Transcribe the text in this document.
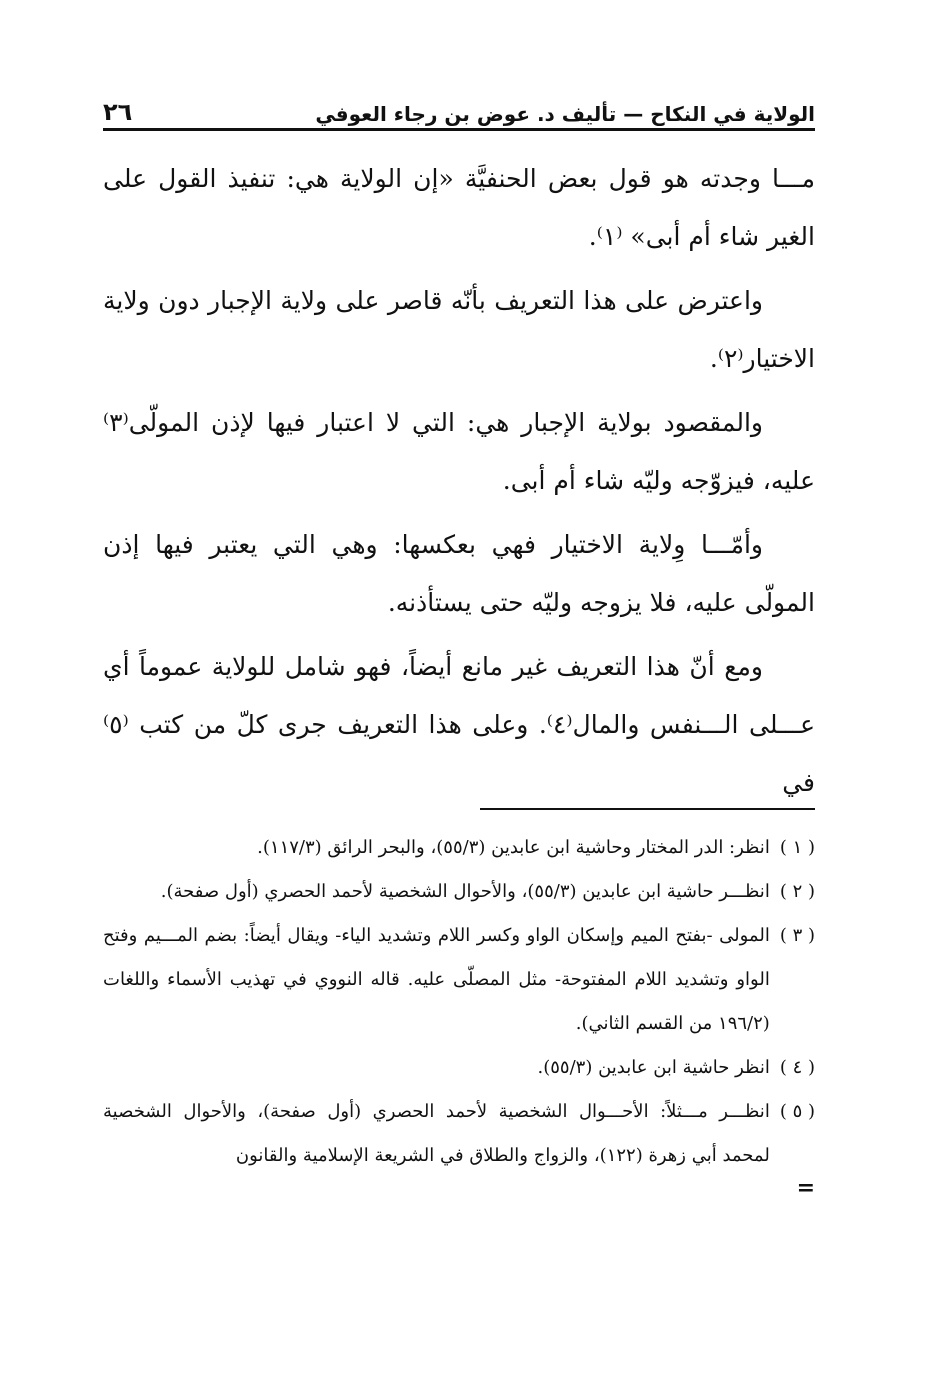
الولاية في النكاح — تأليف د. عوض بن رجاء العوفي
٢٦

مـــا وجدته هو قول بعض الحنفيَّة «إن الولاية هي: تنفيذ القول على الغير شاء أم أبى» ⁽١⁾.

واعترض على هذا التعريف بأنّه قاصر على ولاية الإجبار دون ولاية الاختيار⁽٢⁾.

والمقصود بولاية الإجبار هي: التي لا اعتبار فيها لإذن المولّى⁽٣⁾ عليه، فيزوّجه وليّه شاء أم أبى.

وأمّـــا وِلاية الاختيار فهي بعكسها: وهي التي يعتبر فيها إذن المولّى عليه، فلا يزوجه وليّه حتى يستأذنه.

ومع أنّ هذا التعريف غير مانع أيضاً، فهو شامل للولاية عموماً أي عـــلى الـــنفس والمال⁽٤⁾. وعلى هذا التعريف جرى كلّ من كتب ⁽٥⁾ في

( ١ )
انظر: الدر المختار وحاشية ابن عابدين (٥٥/٣)، والبحر الرائق (١١٧/٣).
( ٢ )
انظـــر حاشية ابن عابدين (٥٥/٣)، والأحوال الشخصية لأحمد الحصري (أول صفحة).
( ٣ )
المولى -بفتح الميم وإسكان الواو وكسر اللام وتشديد الياء- ويقال أيضاً: بضم المـــيم وفتح الواو وتشديد اللام المفتوحة- مثل المصلّى عليه. قاله النووي في تهذيب الأسماء واللغات (١٩٦/٢ من القسم الثاني).
( ٤ )
انظر حاشية ابن عابدين (٥٥/٣).
( ٥ )
انظـــر مـــثلاً: الأحـــوال الشخصية لأحمد الحصري (أول صفحة)، والأحوال الشخصية لمحمد أبي زهرة (١٢٢)، والزواج والطلاق في الشريعة الإسلامية والقانون
=
